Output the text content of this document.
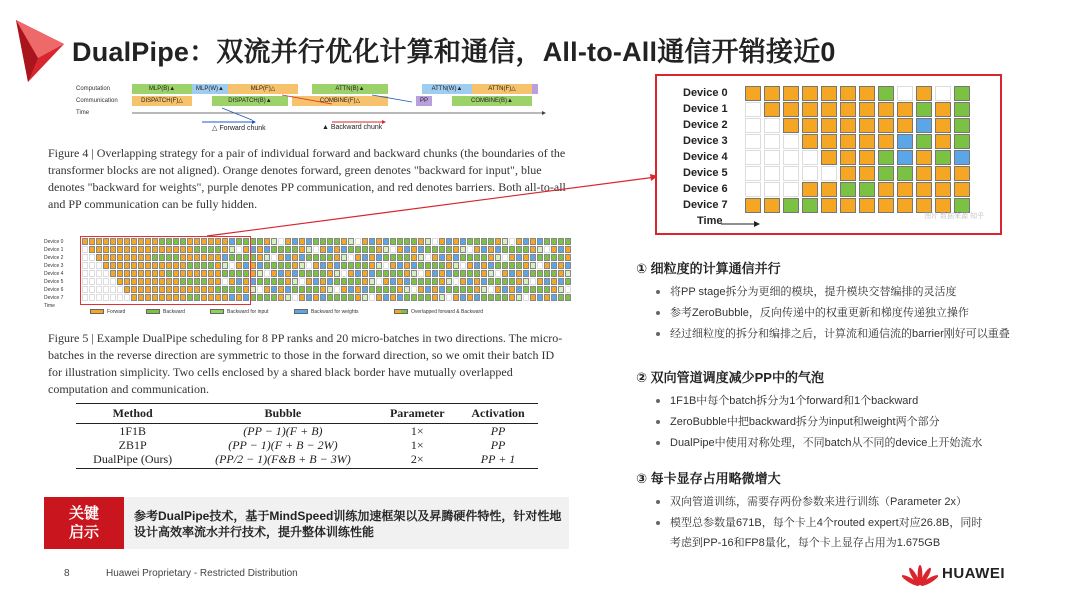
DualPipe：双流并行优化计算和通信，All-to-All通信开销接近0
Computation
Communication
Time
MLP(B)▲	MLP(W)▲	MLP(F)△	ATTN(B)▲	ATTN(W)▲	ATTN(F)△
DISPATCH(F)△	DISPATCH(B)▲	COMBINE(F)△	PP	COMBINE(B)▲
△ Forward chunk	▲ Backward chunk
Figure 4 | Overlapping strategy for a pair of individual forward and backward chunks (the boundaries of the transformer blocks are not aligned). Orange denotes forward, green denotes "backward for input", blue denotes "backward for weights", purple denotes PP communication, and red denotes barriers. Both all-to-all and PP communication can be fully hidden.
Device 0
Device 1
Device 2
Device 3
Device 4
Device 5
Device 6
Device 7
Time
Forward	Backward	Backward for input	Backward for weights	Overlapped forward & Backward
Figure 5 | Example DualPipe scheduling for 8 PP ranks and 20 micro-batches in two directions. The micro-batches in the reverse direction are symmetric to those in the forward direction, so we omit their batch ID for illustration simplicity. Two cells enclosed by a shared black border have mutually overlapped computation and communication.
Method	Bubble	Parameter	Activation
1F1B	(PP − 1)(F + B)	1×	PP
ZB1P	(PP − 1)(F + B − 2W)	1×	PP
DualPipe (Ours)	(PP/2 − 1)(F&B + B − 3W)	2×	PP + 1
关键
启示
参考DualPipe技术，基于MindSpeed训练加速框架以及昇腾硬件特性，针对性地设计高效率流水并行技术，提升整体训练性能
8	Huawei Proprietary - Restricted Distribution
Device 0
Device 1
Device 2
Device 3
Device 4
Device 5
Device 6
Device 7
Time	图片 数据来源 知乎
① 细粒度的计算通信并行
将PP stage拆分为更细的模块，提升模块交替编排的灵活度
参考ZeroBubble，反向传递中的权重更新和梯度传递独立操作
经过细粒度的拆分和编排之后，计算流和通信流的barrier刚好可以重叠
② 双向管道调度减少PP中的气泡
1F1B中每个batch拆分为1个forward和1个backward
ZeroBubble中把backward拆分为input和weight两个部分
DualPipe中使用对称处理，不同batch从不同的device上开始流水
③ 每卡显存占用略微增大
双向管道训练，需要存两份参数来进行训练（Parameter 2x）
模型总参数量671B，每个卡上4个routed expert对应26.8B，同时
考虑到PP-16和FP8量化，每个卡上显存占用为1.675GB
HUAWEI
